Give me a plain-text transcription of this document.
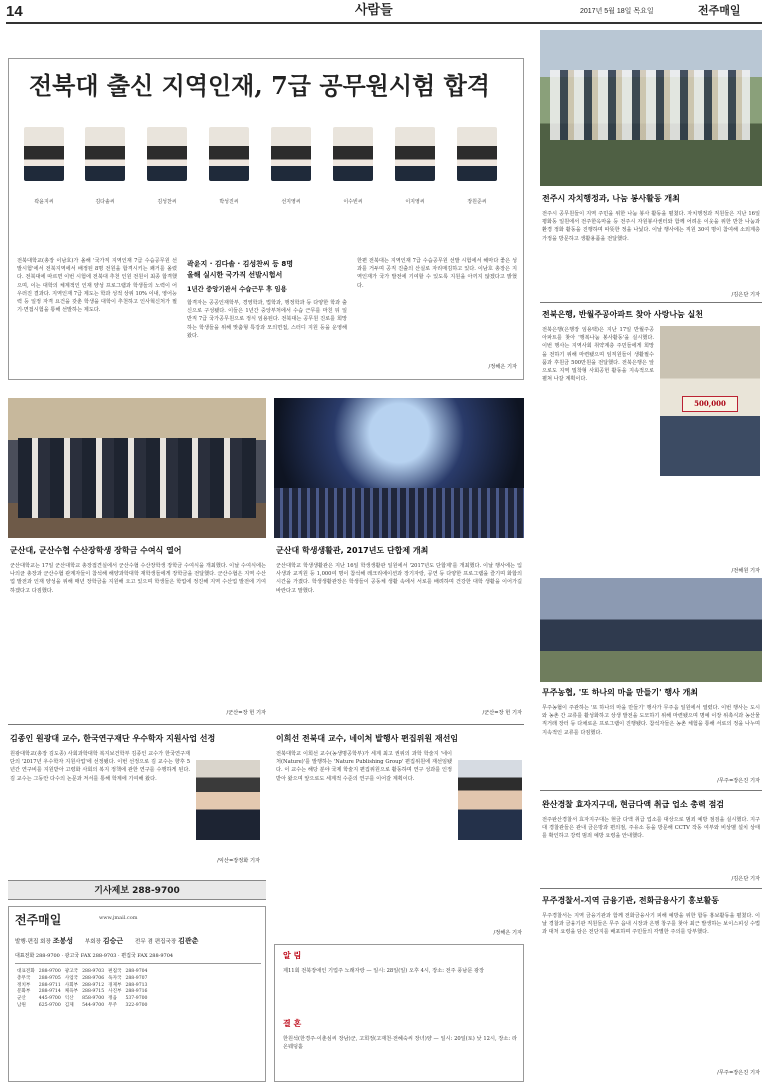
14	사람들	2017년 5월 18일 목요일	전주매일
전북대 출신 지역인재, 7급 공무원시험 합격
곽윤지씨	김다솔씨	김성찬씨	박성진씨	선지영씨	이수빈씨	이지영씨	장원준씨
전북대학교(총장 이남호)가 올해 '국가직 지역인재 7급 수습공무원 선발시험'에서 전북지역에서 배정된 8명 전원을 합격시키는 쾌거를 올렸다. 전북대에 따르면 이번 시험에 전북대 추천 인원 전원이 최종 합격했으며, 이는 대학의 체계적인 인재 양성 프로그램과 학생들의 노력이 어우러진 결과다. 지역인재 7급 제도는 학과 성적 상위 10% 이내, 영어능력 등 일정 자격 요건을 갖춘 학생을 대학이 추천하고 인사혁신처가 필기·면접시험을 통해 선발하는 제도다.
곽윤지 · 김다솔 · 김성찬씨 등 8명
올해 실시한 국가직 선발시험서
1년간 중앙기관서 수습근무 후 임용
합격자는 공공인재학부, 경영학과, 법학과, 행정학과 등 다양한 학과 출신으로 구성됐다. 이들은 1년간 중앙부처에서 수습 근무를 마친 뒤 일반직 7급 국가공무원으로 정식 임용된다. 전북대는 공무원 진로를 희망하는 학생들을 위해 맞춤형 특강과 모의면접, 스터디 지원 등을 운영해 왔다.
한편 전북대는 지역인재 7급 수습공무원 선발 시험에서 해마다 좋은 성과를 거두며 공직 진출의 산실로 자리매김하고 있다. 이남호 총장은 지역인재가 국가 발전에 기여할 수 있도록 지원을 아끼지 않겠다고 밝혔다.
/정해은 기자
전주시 자치행정과, 나눔 봉사활동 개최
전주시 공무원들이 지역 주민을 위한 나눔 봉사 활동을 펼쳤다. 자치행정과 직원들은 지난 16일 평화동 일원에서 전주한옥마을 등 전주시 자원봉사센터와 함께 어려운 이웃을 위한 반찬 나눔과 환경 정화 활동을 진행하며 따뜻한 정을 나눴다. 이날 행사에는 직원 30여 명이 참여해 소외계층 가정을 방문하고 생활용품을 전달했다.
/김은단 기자
전북은행, 반월주공아파트 찾아 사랑나눔 실천
전북은행(은행장 임용택)은 지난 17일 반월주공아파트를 찾아 '행복나눔 봉사활동'을 실시했다. 이번 행사는 지역사회 취약계층 주민들에게 희망을 전하기 위해 마련됐으며 임직원들이 생활필수품과 후원금 500만원을 전달했다. 전북은행은 앞으로도 지역 밀착형 사회공헌 활동을 지속적으로 펼쳐 나갈 계획이다.
500,000
/전해원 기자
무주농협, '또 하나의 마을 만들기' 행사 개최
무주농협이 주관하는 '또 하나의 마을 만들기' 행사가 무주읍 일원에서 열렸다. 이번 행사는 도시와 농촌 간 교류를 활성화하고 상생 발전을 도모하기 위해 마련됐으며 명예 이장 위촉식과 농산물 직거래 장터 등 다채로운 프로그램이 진행됐다. 참석자들은 농촌 체험을 통해 서로의 정을 나누며 지속적인 교류를 다짐했다.
/무주=장은진 기자
완산경찰 효자지구대, 현금다액 취급 업소 총력 점검
전주완산경찰서 효자지구대는 현금 다액 취급 업소를 대상으로 범죄 예방 점검을 실시했다. 지구대 경찰관들은 관내 금은방과 편의점, 주유소 등을 방문해 CCTV 작동 여부와 비상벨 설치 상태를 확인하고 강력 범죄 예방 요령을 안내했다.
/김은단 기자
무주경찰서-지역 금융기관, 전화금융사기 홍보활동
무주경찰서는 지역 금융기관과 함께 전화금융사기 피해 예방을 위한 합동 홍보활동을 펼쳤다. 이날 경찰과 금융기관 직원들은 무주 읍내 시장과 은행 창구를 찾아 최근 발생하는 보이스피싱 수법과 대처 요령을 담은 전단지를 배포하며 주민들의 각별한 주의를 당부했다.
/무주=장은진 기자
군산대, 군산수협 수산장학생 장학금 수여식 열어
군산대학교는 17일 군산대학교 총장접견실에서 군산수협 수산장학생 장학금 수여식을 개최했다. 이날 수여식에는 나의균 총장과 군산수협 관계자들이 참석해 해양과학대학 재학생들에게 장학금을 전달했다. 군산수협은 지역 수산업 발전과 인재 양성을 위해 매년 장학금을 지원해 오고 있으며 학생들은 학업에 정진해 지역 수산업 발전에 기여하겠다고 다짐했다.
/군산=장 헌 기자
군산대 학생생활관, 2017년도 단합제 개최
군산대학교 학생생활관은 지난 16일 학생생활관 일원에서 '2017년도 단합제'를 개최했다. 이날 행사에는 입사생과 교직원 등 1,000여 명이 참석해 레크리에이션과 장기자랑, 공연 등 다양한 프로그램을 즐기며 화합의 시간을 가졌다. 학생생활관장은 학생들이 공동체 생활 속에서 서로를 배려하며 건강한 대학 생활을 이어가길 바란다고 말했다.
/군산=장 헌 기자
김종인 원광대 교수, 한국연구재단 우수학자 지원사업 선정
원광대학교(총장 김도종) 사회과학대학 복지보건학부 김종인 교수가 한국연구재단의 '2017년 우수학자 지원사업'에 선정됐다. 이번 선정으로 김 교수는 향후 5년간 연구비를 지원받아 고령화 사회의 복지 정책에 관한 연구를 수행하게 된다. 김 교수는 그동안 다수의 논문과 저서를 통해 학계에 기여해 왔다.
/익산=장정화 기자
이희선 전북대 교수, 네이처 발행사 편집위원 재선임
전북대학교 이희선 교수(농생명공학부)가 세계 최고 권위의 과학 학술지 '네이처(Nature)'를 발행하는 'Nature Publishing Group' 편집위원에 재선임됐다. 이 교수는 해당 분야 국제 학술지 편집위원으로 활동하며 연구 성과를 인정받아 왔으며 앞으로도 세계적 수준의 연구를 이어갈 계획이다.
/정해은 기자
기사제보 288-9700
전주매일	www.jmail.com
발행·편집 회장 조봉성 부회장 김승근 전무 겸 편집국장 김관춘
대표전화 288-9700 · 광고국 FAX 288-9703 · 편집국 FAX 288-9704
대표전화	288-9700	광고국	288-9703	편집국	288-9704
총무국	288-9705	사업국	288-9706	독자국	288-9707
정치부	288-9711	사회부	288-9712	경제부	288-9713
문화부	288-9714	체육부	288-9715	사진부	288-9716
군산	445-9700	익산	858-9700	정읍	537-9700
남원	625-9700	김제	544-9700	무주	322-9700
알 림
제11회 전북장애인 기업주 노래자랑 — 일시: 28일(일) 오후 4시, 장소: 전주 풍남문 광장
결 혼
한원석(한경주·이춘심씨 장남)군, 고희정(고재천·전혜숙씨 장녀)양 — 일시: 20일(토) 낮 12시, 장소: 라온웨딩홀
